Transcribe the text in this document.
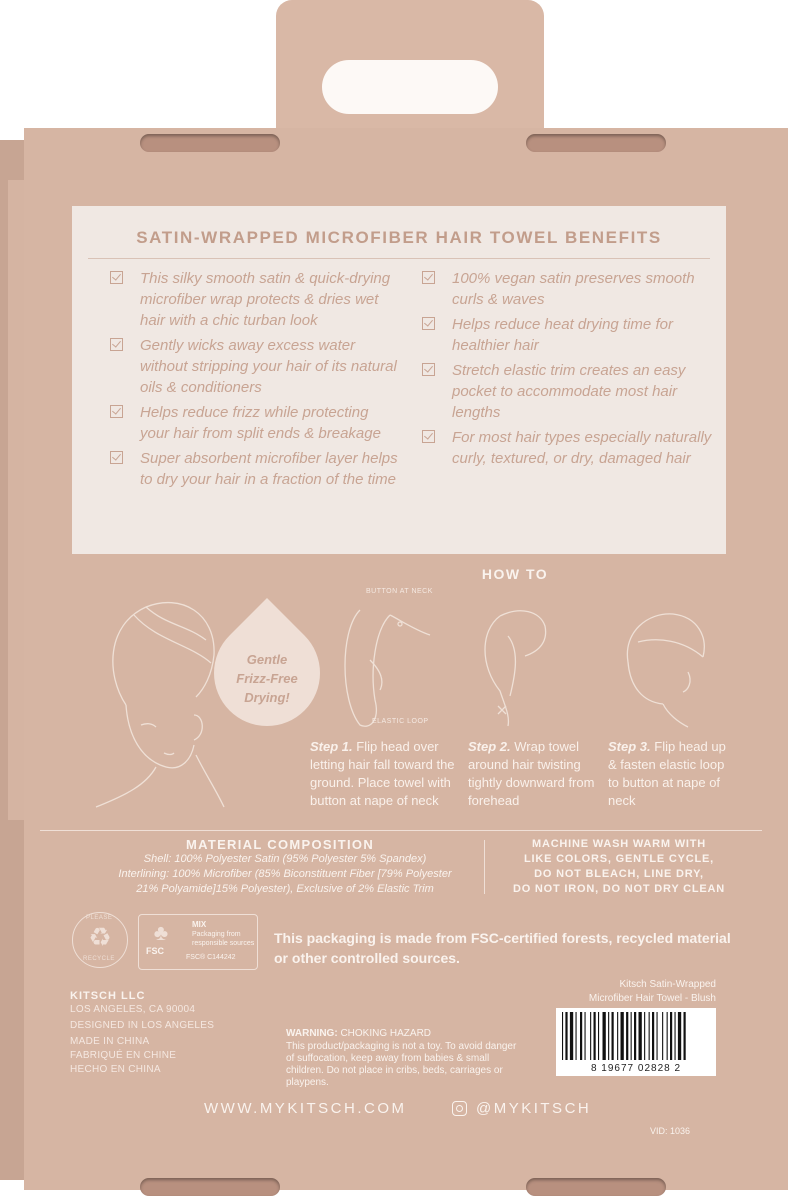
SATIN-WRAPPED MICROFIBER HAIR TOWEL BENEFITS
This silky smooth satin & quick-drying microfiber wrap protects & dries wet hair with a chic turban look
Gently wicks away excess water without stripping your hair of its natural oils & conditioners
Helps reduce frizz while protecting your hair from split ends & breakage
Super absorbent microfiber layer helps to dry your hair in a fraction of the time
100% vegan satin preserves smooth curls & waves
Helps reduce heat drying time for healthier hair
Stretch elastic trim creates an easy pocket to accommodate most hair lengths
For most hair types especially naturally curly, textured, or dry, damaged hair
HOW TO
Gentle
Frizz-Free
Drying!
BUTTON AT NECK
ELASTIC LOOP
Step 1. Flip head over letting hair fall toward the ground. Place towel with button at nape of neck
Step 2. Wrap towel around hair twisting tightly downward from forehead
Step 3. Flip head up & fasten elastic loop to button at nape of neck
MATERIAL COMPOSITION
Shell: 100% Polyester Satin (95% Polyester 5% Spandex)
Interlining: 100% Microfiber (85% Biconstituent Fiber [79% Polyester
21% Polyamide]15% Polyester), Exclusive of 2% Elastic Trim
MACHINE WASH WARM WITH
LIKE COLORS, GENTLE CYCLE,
DO NOT BLEACH, LINE DRY,
DO NOT IRON, DO NOT DRY CLEAN
♻
PLEASE
RECYCLE
♣
FSC
MIX
Packaging from
responsible sources
FSC® C144242
This packaging is made from FSC-certified forests, recycled material or other controlled sources.
KITSCH LLC
LOS ANGELES, CA 90004
DESIGNED IN LOS ANGELES
MADE IN CHINA
FABRIQUÉ EN CHINE
HECHO EN CHINA
WARNING: CHOKING HAZARD
This product/packaging is not a toy. To avoid danger of suffocation, keep away from babies & small children. Do not place in cribs, beds, carriages or playpens.
Kitsch Satin-Wrapped
Microfiber Hair Towel - Blush
8 19677 02828 2
WWW.MYKITSCH.COM	@MYKITSCH
VID: 1036
